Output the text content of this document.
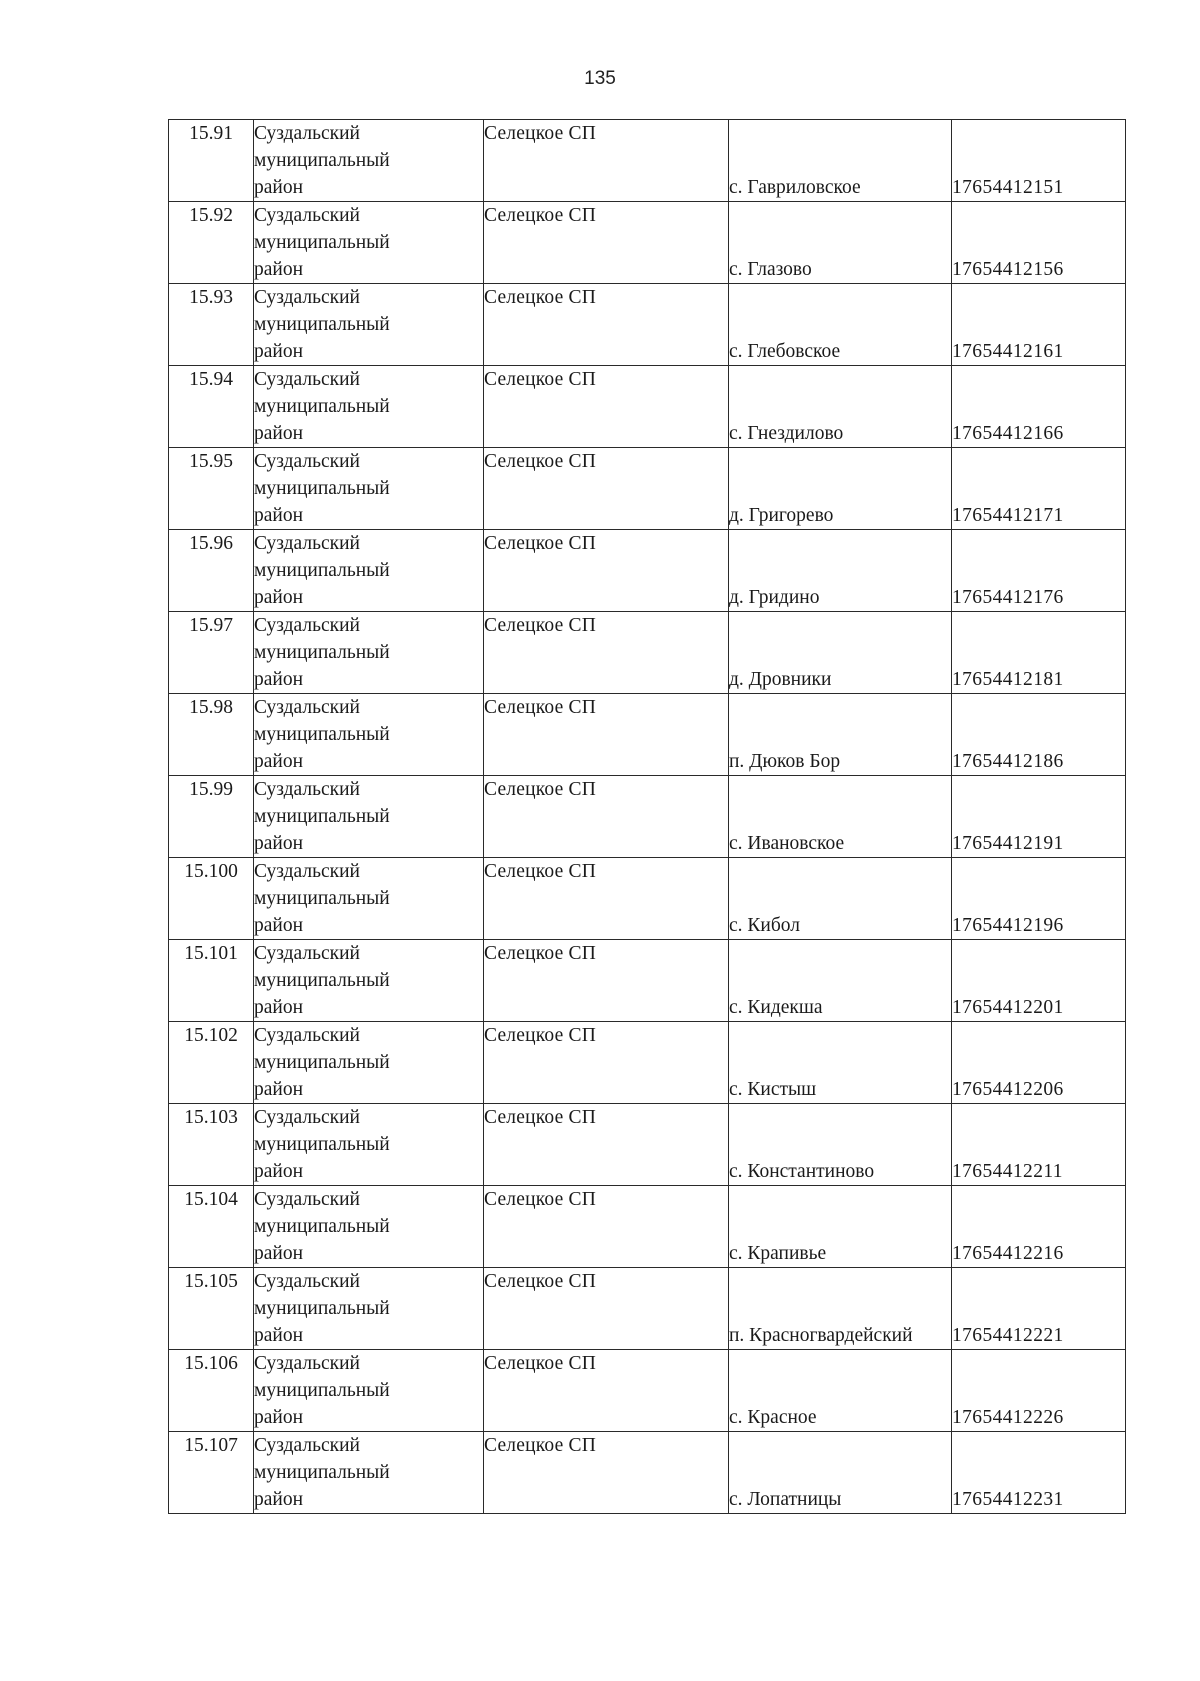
135
15.91	Суздальский муниципальный район	Селецкое СП	с. Гавриловское	17654412151
15.92	Суздальский муниципальный район	Селецкое СП	с. Глазово	17654412156
15.93	Суздальский муниципальный район	Селецкое СП	с. Глебовское	17654412161
15.94	Суздальский муниципальный район	Селецкое СП	с. Гнездилово	17654412166
15.95	Суздальский муниципальный район	Селецкое СП	д. Григорево	17654412171
15.96	Суздальский муниципальный район	Селецкое СП	д. Гридино	17654412176
15.97	Суздальский муниципальный район	Селецкое СП	д. Дровники	17654412181
15.98	Суздальский муниципальный район	Селецкое СП	п. Дюков Бор	17654412186
15.99	Суздальский муниципальный район	Селецкое СП	с. Ивановское	17654412191
15.100	Суздальский муниципальный район	Селецкое СП	с. Кибол	17654412196
15.101	Суздальский муниципальный район	Селецкое СП	с. Кидекша	17654412201
15.102	Суздальский муниципальный район	Селецкое СП	с. Кистыш	17654412206
15.103	Суздальский муниципальный район	Селецкое СП	с. Константиново	17654412211
15.104	Суздальский муниципальный район	Селецкое СП	с. Крапивье	17654412216
15.105	Суздальский муниципальный район	Селецкое СП	п. Красногвардейский	17654412221
15.106	Суздальский муниципальный район	Селецкое СП	с. Красное	17654412226
15.107	Суздальский муниципальный район	Селецкое СП	с. Лопатницы	17654412231
